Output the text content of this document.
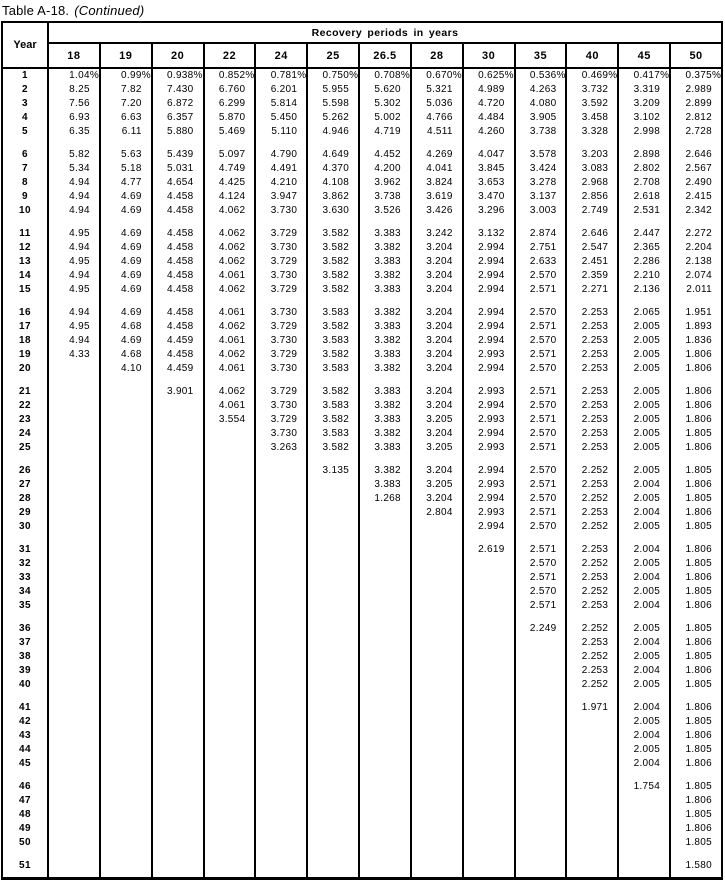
Table A-18. (Continued)
Year	Recovery periods in years												
	18	19	20	22	24	25	26.5	28	30	35	40	45	50
1	1.04%	0.99%	0.938%	0.852%	0.781%	0.750%	0.708%	0.670%	0.625%	0.536%	0.469%	0.417%	0.375%
2	8.25	7.82	7.430	6.760	6.201	5.955	5.620	5.321	4.989	4.263	3.732	3.319	2.989
3	7.56	7.20	6.872	6.299	5.814	5.598	5.302	5.036	4.720	4.080	3.592	3.209	2.899
4	6.93	6.63	6.357	5.870	5.450	5.262	5.002	4.766	4.484	3.905	3.458	3.102	2.812
5	6.35	6.11	5.880	5.469	5.110	4.946	4.719	4.511	4.260	3.738	3.328	2.998	2.728

6	5.82	5.63	5.439	5.097	4.790	4.649	4.452	4.269	4.047	3.578	3.203	2.898	2.646
7	5.34	5.18	5.031	4.749	4.491	4.370	4.200	4.041	3.845	3.424	3.083	2.802	2.567
8	4.94	4.77	4.654	4.425	4.210	4.108	3.962	3.824	3.653	3.278	2.968	2.708	2.490
9	4.94	4.69	4.458	4.124	3.947	3.862	3.738	3.619	3.470	3.137	2.856	2.618	2.415
10	4.94	4.69	4.458	4.062	3.730	3.630	3.526	3.426	3.296	3.003	2.749	2.531	2.342

11	4.95	4.69	4.458	4.062	3.729	3.582	3.383	3.242	3.132	2.874	2.646	2.447	2.272
12	4.94	4.69	4.458	4.062	3.730	3.582	3.382	3.204	2.994	2.751	2.547	2.365	2.204
13	4.95	4.69	4.458	4.062	3.729	3.582	3.383	3.204	2.994	2.633	2.451	2.286	2.138
14	4.94	4.69	4.458	4.061	3.730	3.582	3.382	3.204	2.994	2.570	2.359	2.210	2.074
15	4.95	4.69	4.458	4.062	3.729	3.582	3.383	3.204	2.994	2.571	2.271	2.136	2.011

16	4.94	4.69	4.458	4.061	3.730	3.583	3.382	3.204	2.994	2.570	2.253	2.065	1.951
17	4.95	4.68	4.458	4.062	3.729	3.582	3.383	3.204	2.994	2.571	2.253	2.005	1.893
18	4.94	4.69	4.459	4.061	3.730	3.583	3.382	3.204	2.994	2.570	2.253	2.005	1.836
19	4.33	4.68	4.458	4.062	3.729	3.582	3.383	3.204	2.993	2.571	2.253	2.005	1.806
20		4.10	4.459	4.061	3.730	3.583	3.382	3.204	2.994	2.570	2.253	2.005	1.806

21			3.901	4.062	3.729	3.582	3.383	3.204	2.993	2.571	2.253	2.005	1.806
22				4.061	3.730	3.583	3.382	3.204	2.994	2.570	2.253	2.005	1.806
23				3.554	3.729	3.582	3.383	3.205	2.993	2.571	2.253	2.005	1.806
24					3.730	3.583	3.382	3.204	2.994	2.570	2.253	2.005	1.805
25					3.263	3.582	3.383	3.205	2.993	2.571	2.253	2.005	1.806

26						3.135	3.382	3.204	2.994	2.570	2.252	2.005	1.805
27							3.383	3.205	2.993	2.571	2.253	2.004	1.806
28							1.268	3.204	2.994	2.570	2.252	2.005	1.805
29								2.804	2.993	2.571	2.253	2.004	1.806
30									2.994	2.570	2.252	2.005	1.805

31									2.619	2.571	2.253	2.004	1.806
32										2.570	2.252	2.005	1.805
33										2.571	2.253	2.004	1.806
34										2.570	2.252	2.005	1.805
35										2.571	2.253	2.004	1.806

36										2.249	2.252	2.005	1.805
37											2.253	2.004	1.806
38											2.252	2.005	1.805
39											2.253	2.004	1.806
40											2.252	2.005	1.805

41											1.971	2.004	1.806
42												2.005	1.805
43												2.004	1.806
44												2.005	1.805
45												2.004	1.806

46												1.754	1.805
47													1.806
48													1.805
49													1.806
50													1.805

51													1.580
